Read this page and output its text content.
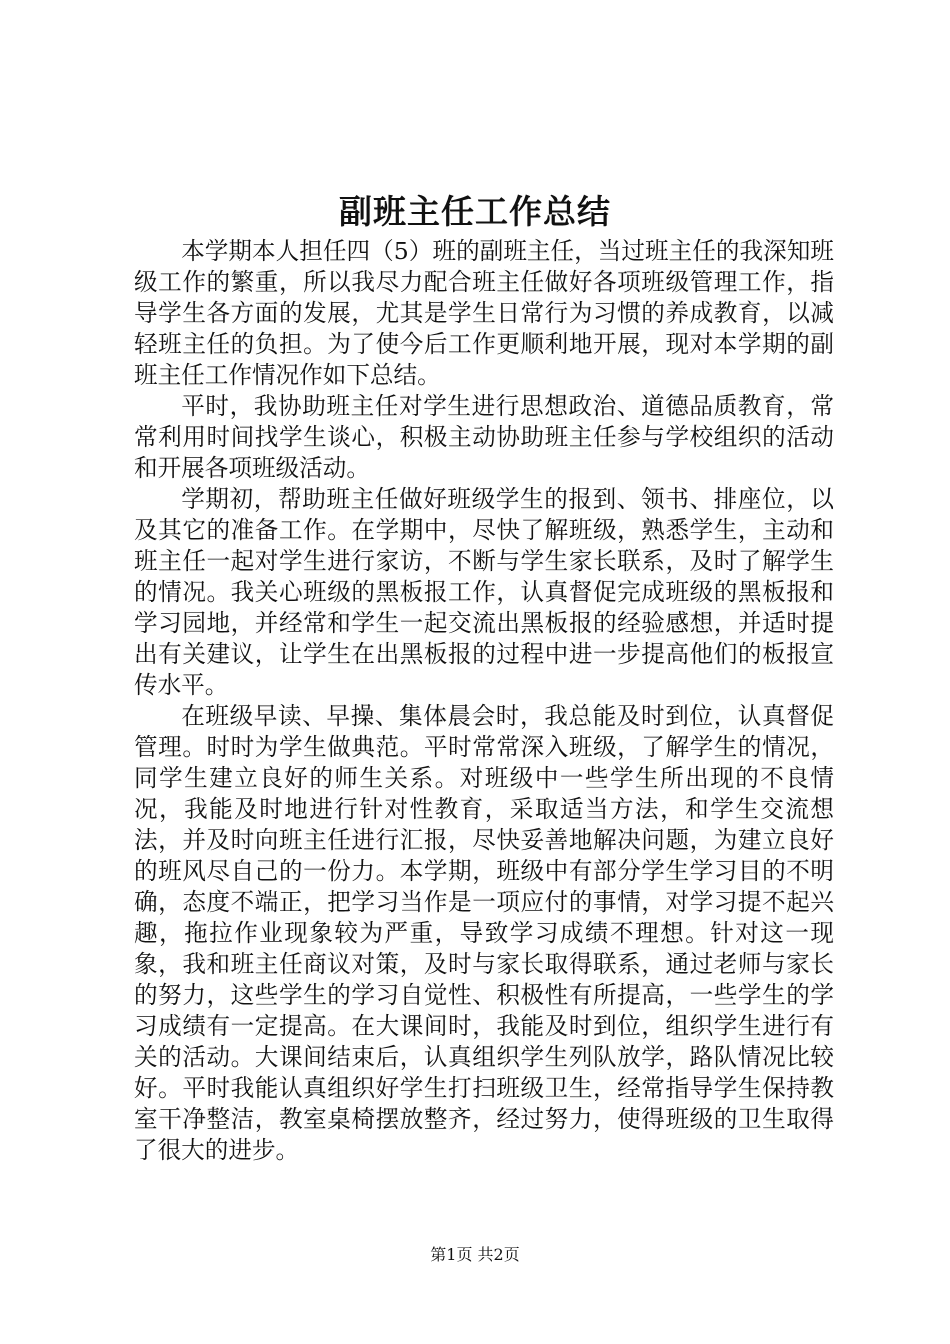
副班主任工作总结

本学期本人担任四（5）班的副班主任，当过班主任的我深知班级工作的繁重，所以我尽力配合班主任做好各项班级管理工作，指导学生各方面的发展，尤其是学生日常行为习惯的养成教育，以减轻班主任的负担。为了使今后工作更顺利地开展，现对本学期的副班主任工作情况作如下总结。

平时，我协助班主任对学生进行思想政治、道德品质教育，常常利用时间找学生谈心，积极主动协助班主任参与学校组织的活动和开展各项班级活动。

学期初，帮助班主任做好班级学生的报到、领书、排座位，以及其它的准备工作。在学期中，尽快了解班级，熟悉学生，主动和班主任一起对学生进行家访，不断与学生家长联系，及时了解学生的情况。我关心班级的黑板报工作，认真督促完成班级的黑板报和学习园地，并经常和学生一起交流出黑板报的经验感想，并适时提出有关建议，让学生在出黑板报的过程中进一步提高他们的板报宣传水平。

在班级早读、早操、集体晨会时，我总能及时到位，认真督促管理。时时为学生做典范。平时常常深入班级，了解学生的情况，同学生建立良好的师生关系。对班级中一些学生所出现的不良情况，我能及时地进行针对性教育，采取适当方法，和学生交流想法，并及时向班主任进行汇报，尽快妥善地解决问题，为建立良好的班风尽自己的一份力。本学期，班级中有部分学生学习目的不明确，态度不端正，把学习当作是一项应付的事情，对学习提不起兴趣，拖拉作业现象较为严重，导致学习成绩不理想。针对这一现象，我和班主任商议对策，及时与家长取得联系，通过老师与家长的努力，这些学生的学习自觉性、积极性有所提高，一些学生的学习成绩有一定提高。在大课间时，我能及时到位，组织学生进行有关的活动。大课间结束后，认真组织学生列队放学，路队情况比较好。平时我能认真组织好学生打扫班级卫生，经常指导学生保持教室干净整洁，教室桌椅摆放整齐，经过努力，使得班级的卫生取得了很大的进步。

第1页 共2页
